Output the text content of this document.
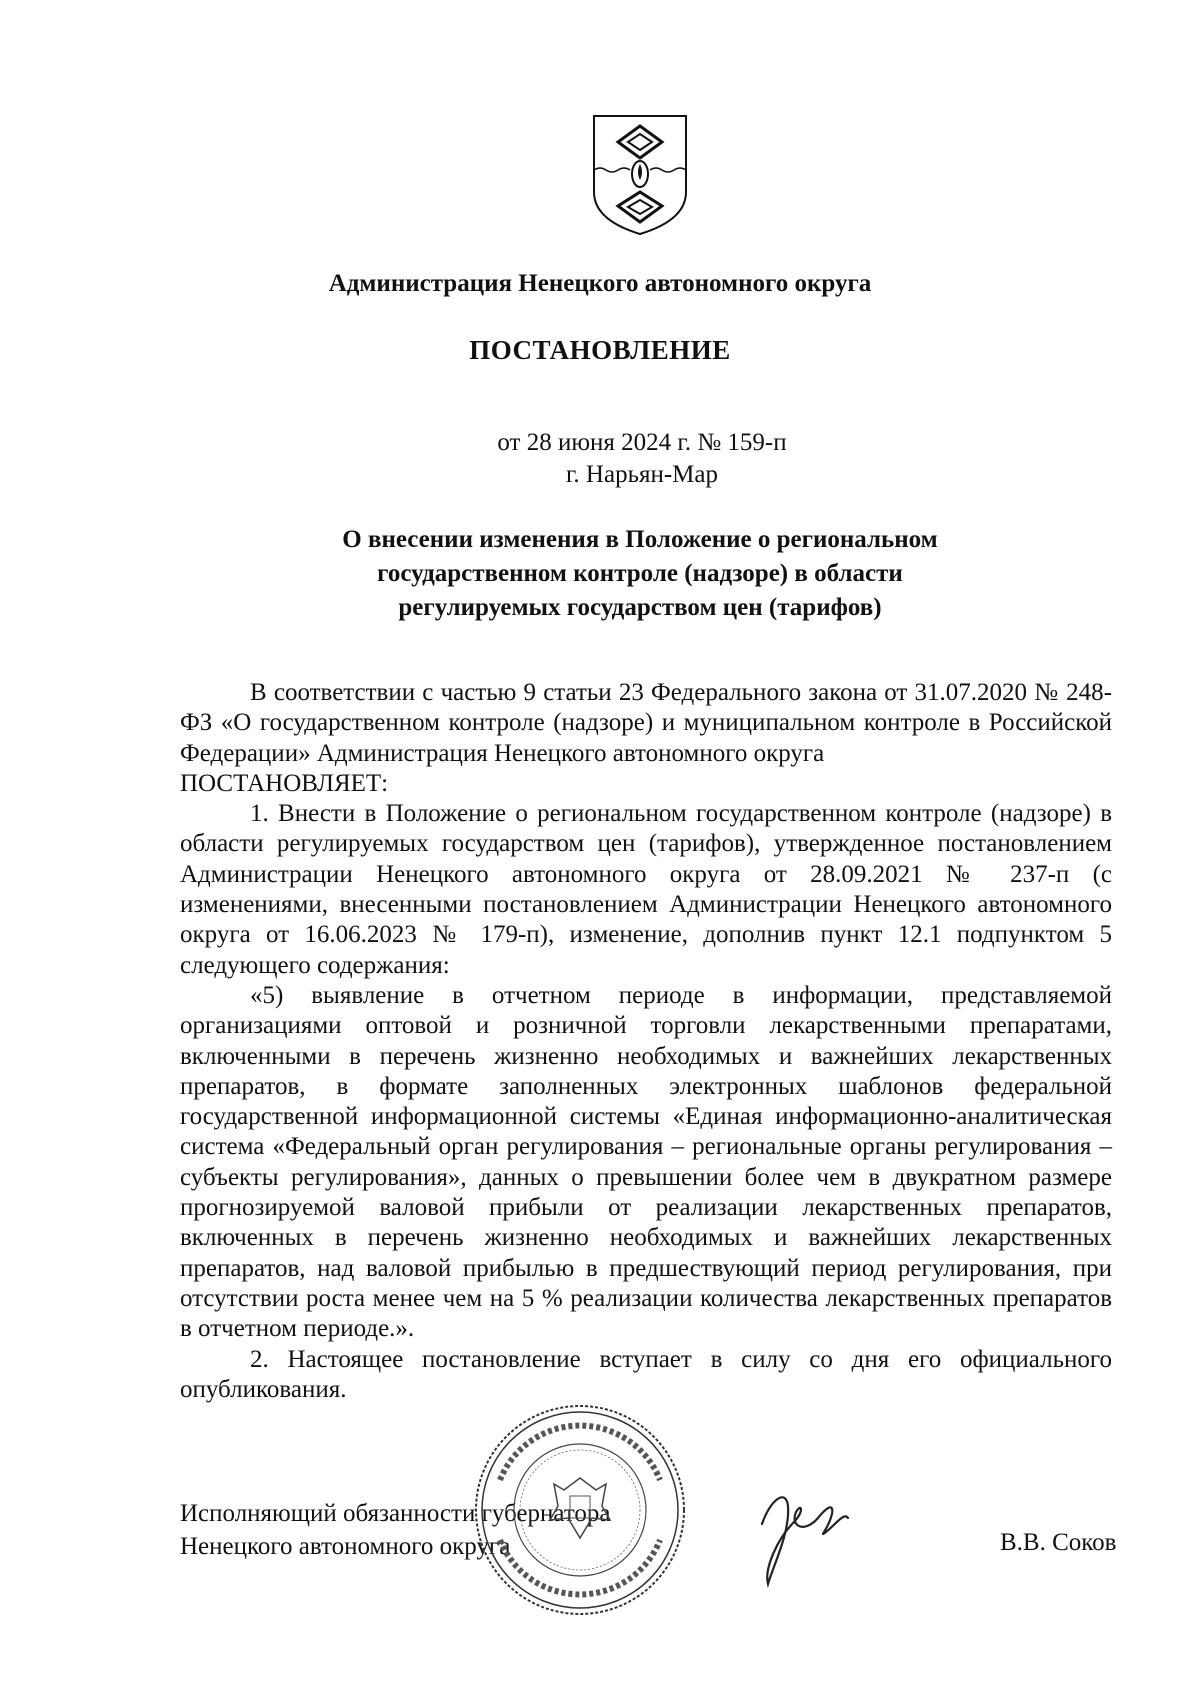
Администрация Ненецкого автономного округа
ПОСТАНОВЛЕНИЕ
от 28 июня 2024 г. № 159-п
г. Нарьян-Мар
О внесении изменения в Положение о региональном
государственном контроле (надзоре) в области
регулируемых государством цен (тарифов)

В соответствии с частью 9 статьи 23 Федерального закона от 31.07.2020 № 248-ФЗ «О государственном контроле (надзоре) и муниципальном контроле в Российской Федерации» Администрация Ненецкого автономного округа

ПОСТАНОВЛЯЕТ:

1. Внести в Положение о региональном государственном контроле (надзоре) в области регулируемых государством цен (тарифов), утвержденное постановлением Администрации Ненецкого автономного округа от 28.09.2021 № 237-п (с изменениями, внесенными постановлением Администрации Ненецкого автономного округа от 16.06.2023 № 179-п), изменение, дополнив пункт 12.1 подпунктом 5 следующего содержания:

«5) выявление в отчетном периоде в информации, представляемой организациями оптовой и розничной торговли лекарственными препаратами, включенными в перечень жизненно необходимых и важнейших лекарственных препаратов, в формате заполненных электронных шаблонов федеральной государственной информационной системы «Единая информационно-аналитическая система «Федеральный орган регулирования – региональные органы регулирования – субъекты регулирования», данных о превышении более чем в двукратном размере прогнозируемой валовой прибыли от реализации лекарственных препаратов, включенных в перечень жизненно необходимых и важнейших лекарственных препаратов, над валовой прибылью в предшествующий период регулирования, при отсутствии роста менее чем на 5 % реализации количества лекарственных препаратов в отчетном периоде.».

2. Настоящее постановление вступает в силу со дня его официального опубликования.

Исполняющий обязанности губернатора
Ненецкого автономного округа	В.В. Соков
